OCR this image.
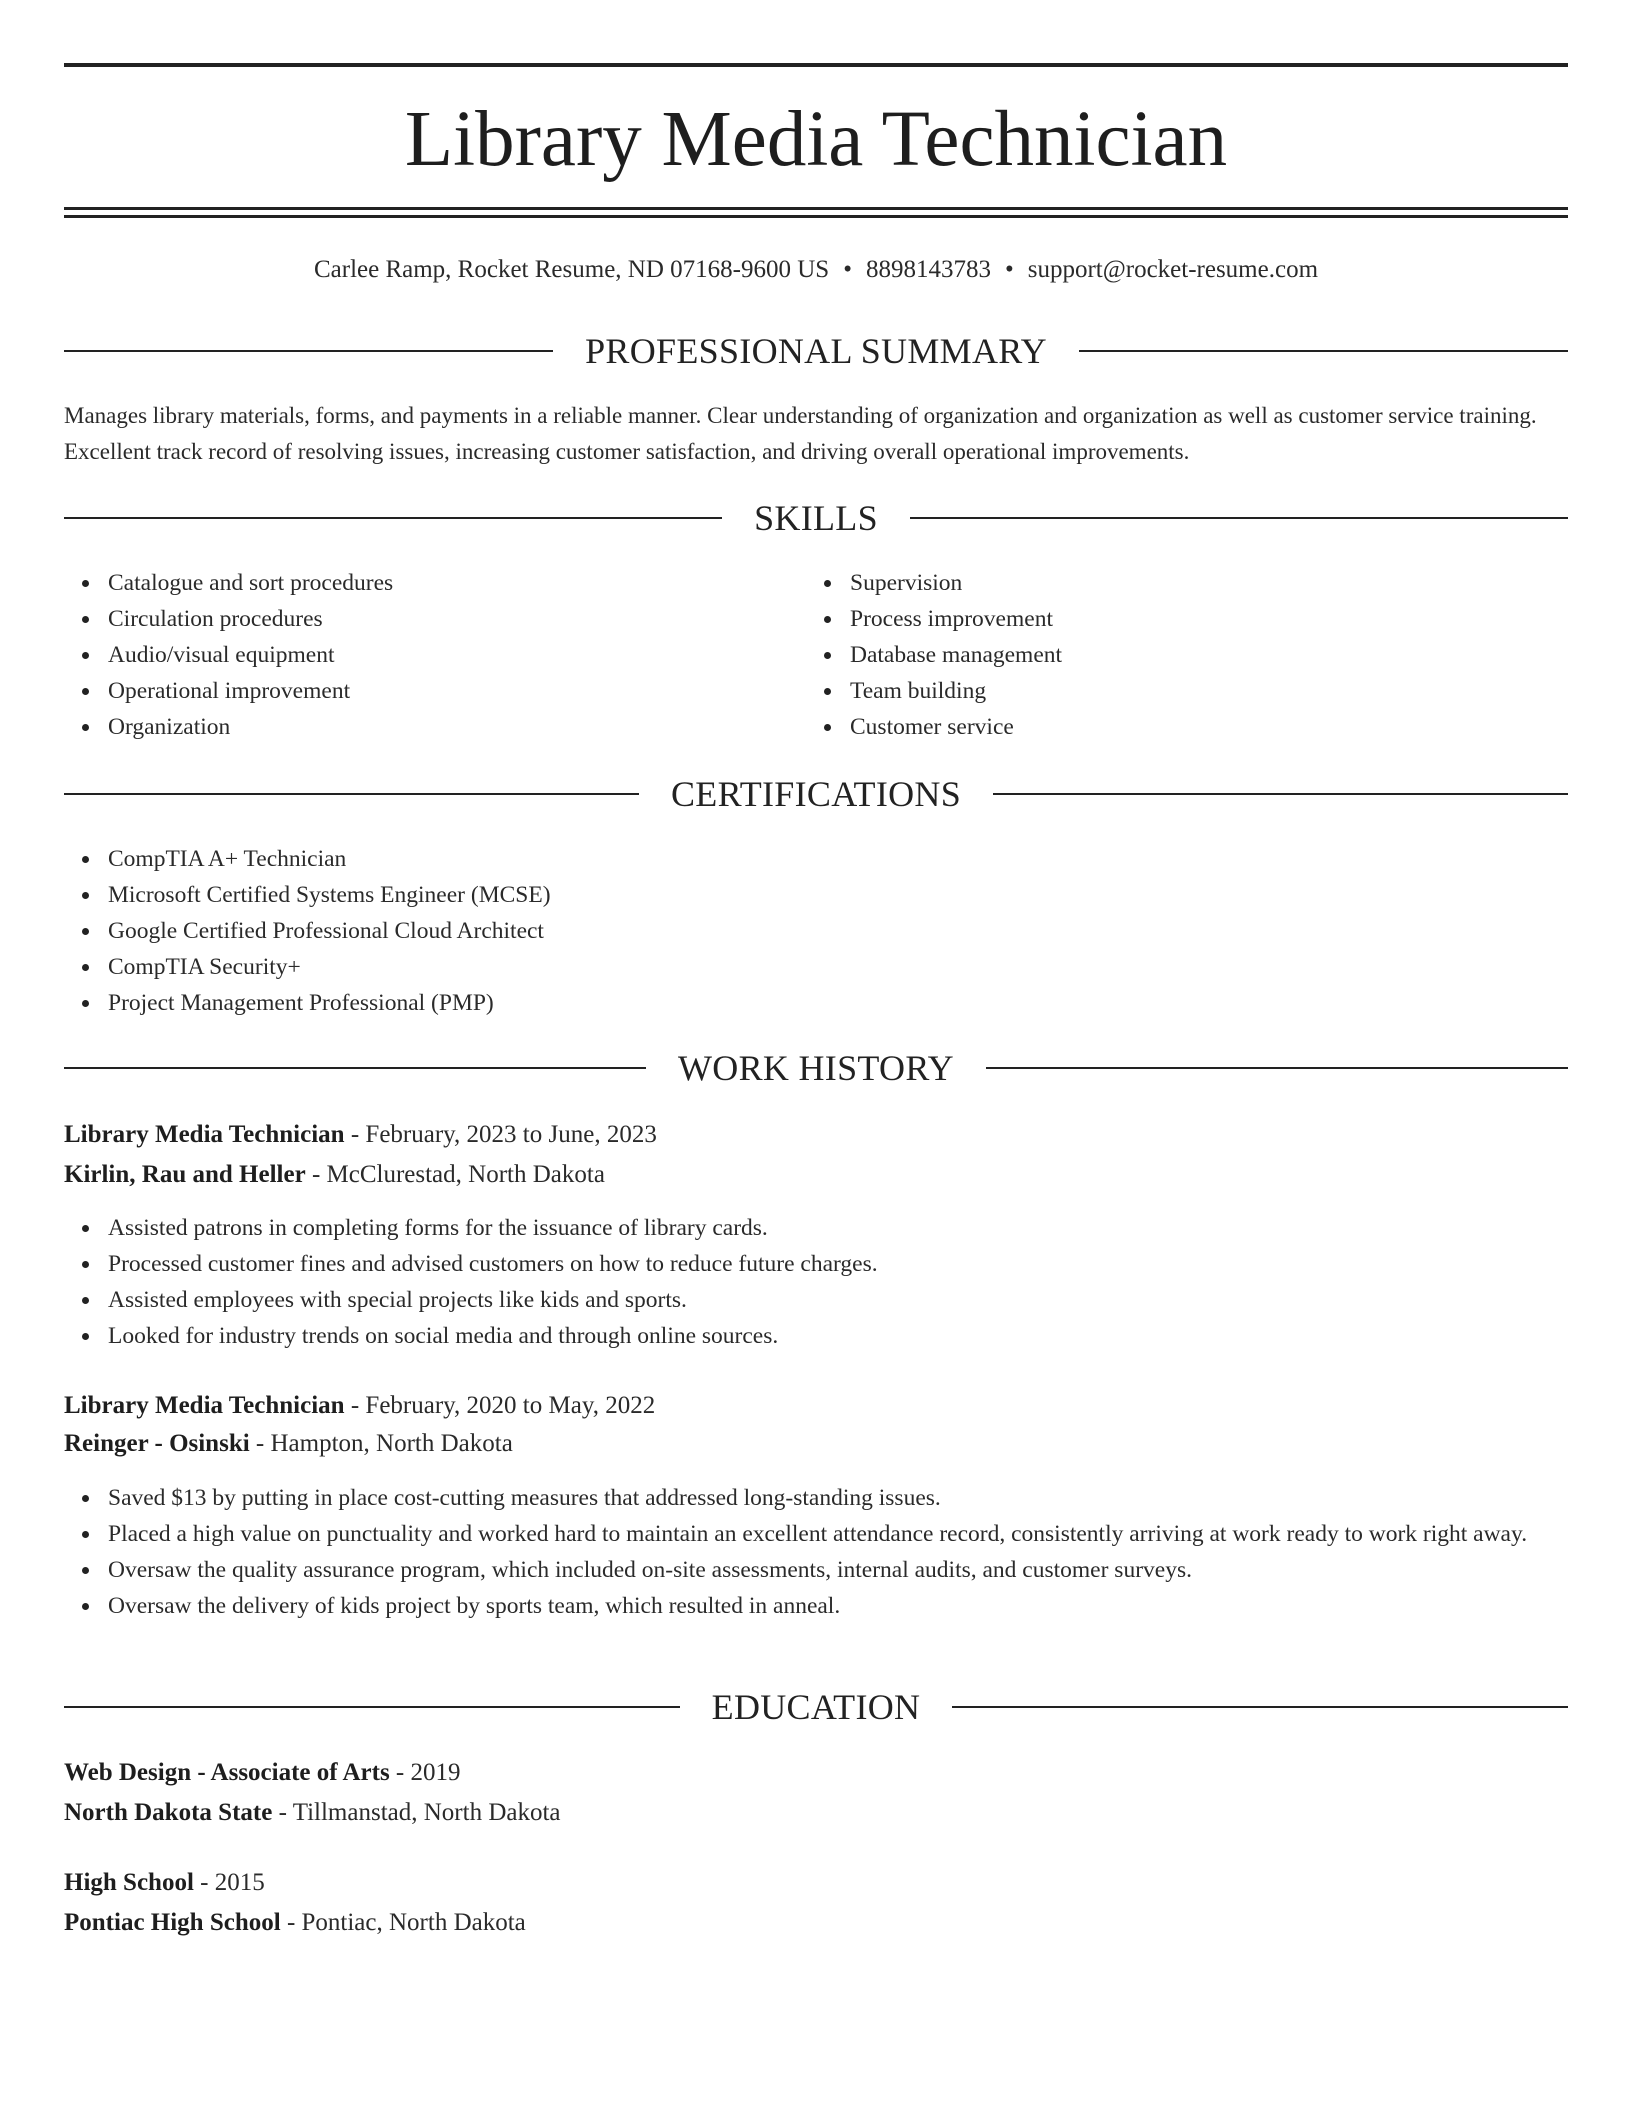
Library Media Technician
Carlee Ramp, Rocket Resume, ND 07168-9600 US • 8898143783 • support@rocket-resume.com
PROFESSIONAL SUMMARY
Manages library materials, forms, and payments in a reliable manner. Clear understanding of organization and organization as well as customer service training. Excellent track record of resolving issues, increasing customer satisfaction, and driving overall operational improvements.
SKILLS
Catalogue and sort procedures
Circulation procedures
Audio/visual equipment
Operational improvement
Organization
Supervision
Process improvement
Database management
Team building
Customer service
CERTIFICATIONS
CompTIA A+ Technician
Microsoft Certified Systems Engineer (MCSE)
Google Certified Professional Cloud Architect
CompTIA Security+
Project Management Professional (PMP)
WORK HISTORY
Library Media Technician - February, 2023 to June, 2023
Kirlin, Rau and Heller - McClurestad, North Dakota
Assisted patrons in completing forms for the issuance of library cards.
Processed customer fines and advised customers on how to reduce future charges.
Assisted employees with special projects like kids and sports.
Looked for industry trends on social media and through online sources.
Library Media Technician - February, 2020 to May, 2022
Reinger - Osinski - Hampton, North Dakota
Saved $13 by putting in place cost-cutting measures that addressed long-standing issues.
Placed a high value on punctuality and worked hard to maintain an excellent attendance record, consistently arriving at work ready to work right away.
Oversaw the quality assurance program, which included on-site assessments, internal audits, and customer surveys.
Oversaw the delivery of kids project by sports team, which resulted in anneal.
EDUCATION
Web Design - Associate of Arts - 2019
North Dakota State - Tillmanstad, North Dakota
High School - 2015
Pontiac High School - Pontiac, North Dakota
